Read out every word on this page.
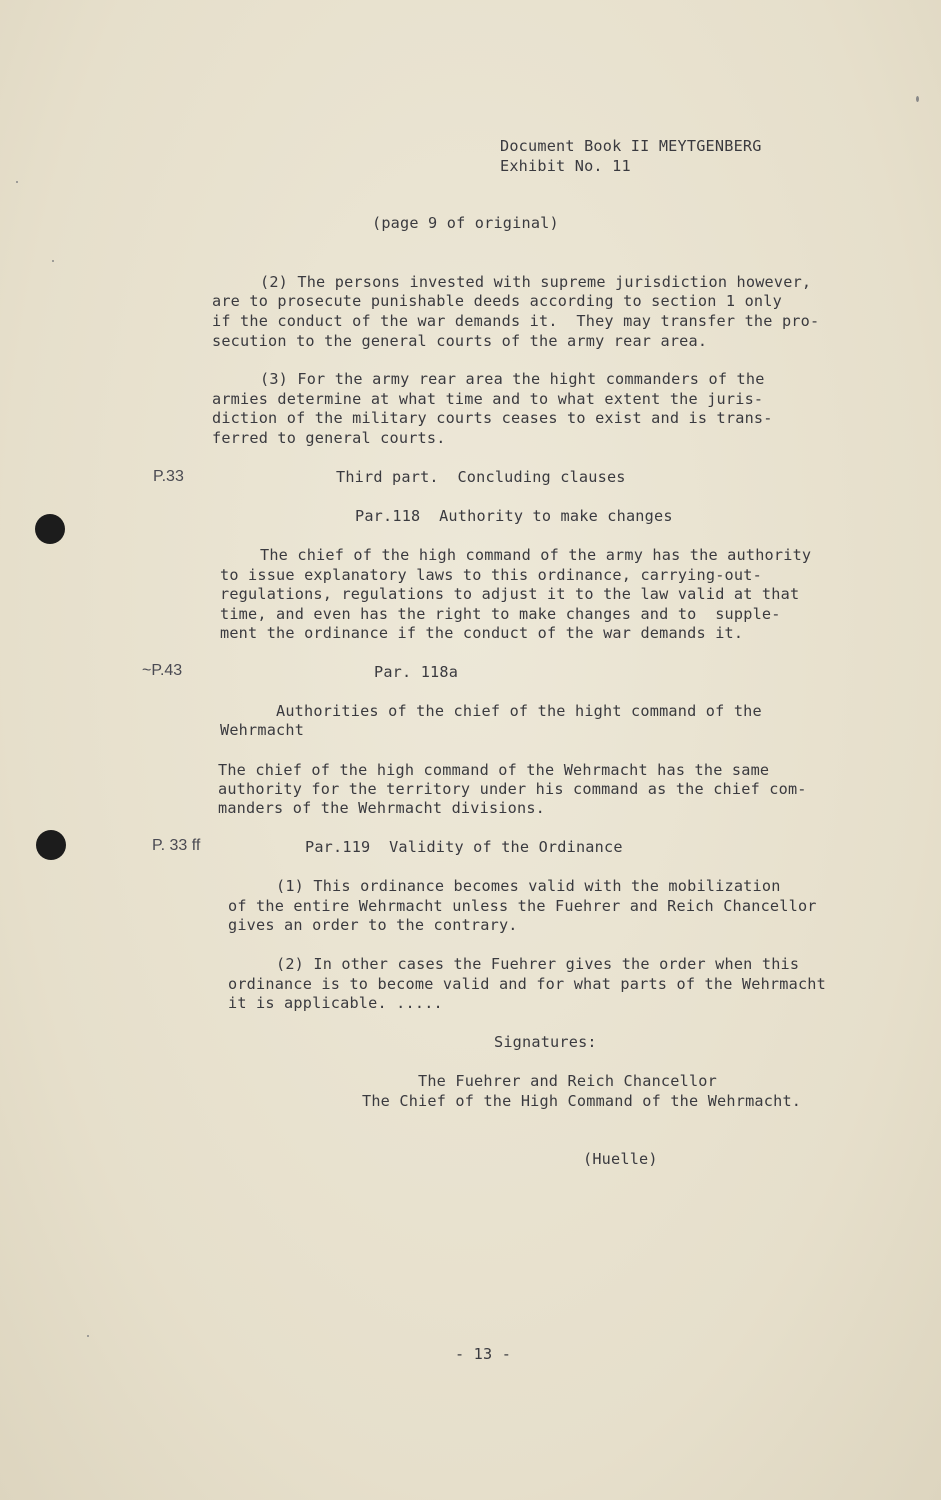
Document Book II MEYTGENBERG
Exhibit No. 11
(page 9 of original)
(2) The persons invested with supreme jurisdiction however,
are to prosecute punishable deeds according to section 1 only
if the conduct of the war demands it.  They may transfer the pro-
secution to the general courts of the army rear area.
(3) For the army rear area the hight commanders of the
armies determine at what time and to what extent the juris-
diction of the military courts ceases to exist and is trans-
ferred to general courts.
P.33	Third part.  Concluding clauses
Par.118  Authority to make changes
The chief of the high command of the army has the authority
to issue explanatory laws to this ordinance, carrying-out-
regulations, regulations to adjust it to the law valid at that
time, and even has the right to make changes and to  supple-
ment the ordinance if the conduct of the war demands it.
~P.43	Par. 118a
Authorities of the chief of the hight command of the
Wehrmacht
The chief of the high command of the Wehrmacht has the same
authority for the territory under his command as the chief com-
manders of the Wehrmacht divisions.
P. 33 ff	Par.119  Validity of the Ordinance
(1) This ordinance becomes valid with the mobilization
of the entire Wehrmacht unless the Fuehrer and Reich Chancellor
gives an order to the contrary.
(2) In other cases the Fuehrer gives the order when this
ordinance is to become valid and for what parts of the Wehrmacht
it is applicable. .....
Signatures:
The Fuehrer and Reich Chancellor
The Chief of the High Command of the Wehrmacht.
(Huelle)
- 13 -
